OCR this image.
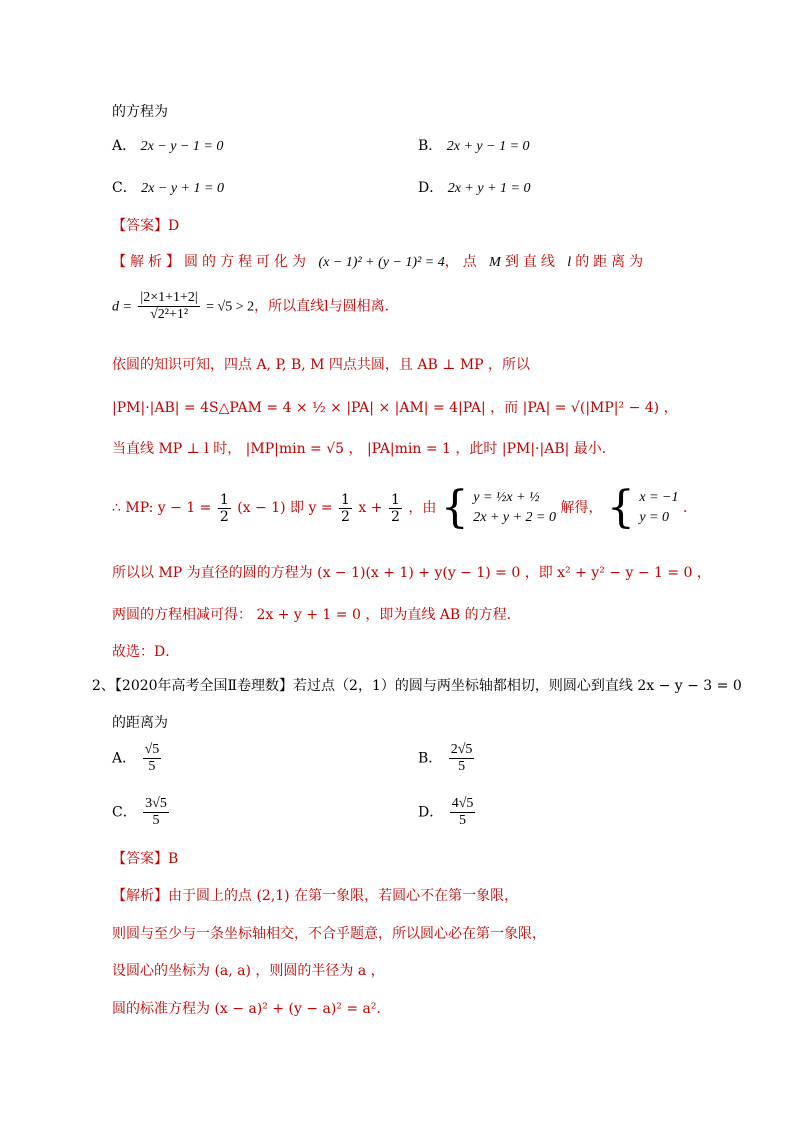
的方程为
A． 2x − y − 1 = 0	B． 2x + y − 1 = 0
C． 2x − y + 1 = 0	D． 2x + y + 1 = 0
【答案】D
【解析】圆的方程可化为 (x − 1)² + (y − 1)² = 4，点 M到直线 l的距离为
$d = \frac{|2\times 1+1+2|}{\text{√2²+1²}} = √5 > 2$，所以直线l与圆相离．
依圆的知识可知，四点 A, P, B, M 四点共圆，且 AB ⊥ MP ，所以
|PM|·|AB| = 4S△PAM = 4 × ½ × |PA| × |AM| = 4|PA| ，而 |PA| = √(|MP|² − 4) ，
当直线 MP ⊥ l 时， |MP|min = √5 ， |PA|min = 1 ，此时 |PM|·|AB| 最小．
∴ MP: $y - 1 = \frac{1}{2} (x - 1)$ 即 $y = \frac{1}{2}$ $x + \frac{1}{2}$ ，由 { y = ½x + ½
2x + y + 2 = 0
解得， { x = −1
y = 0
．
所以以 MP 为直径的圆的方程为 (x − 1)(x + 1) + y(y − 1) = 0 ，即 x² + y² − y − 1 = 0 ，
两圆的方程相减可得： 2x + y + 1 = 0 ，即为直线 AB 的方程．
故选：D．
2、【2020年高考全国Ⅱ卷理数】若过点（2，1）的圆与两坐标轴都相切，则圆心到直线 2x − y − 3 = 0
的距离为
A． $\frac{√5}{5}$	B． $\frac{2√5}{5}$
C． $\frac{3√5}{5}$	D． $\frac{4√5}{5}$
【答案】B
【解析】由于圆上的点 (2,1) 在第一象限，若圆心不在第一象限，
则圆与至少与一条坐标轴相交，不合乎题意，所以圆心必在第一象限，
设圆心的坐标为 (a, a) ，则圆的半径为 a ，
圆的标准方程为 (x − a)² + (y − a)² = a².
